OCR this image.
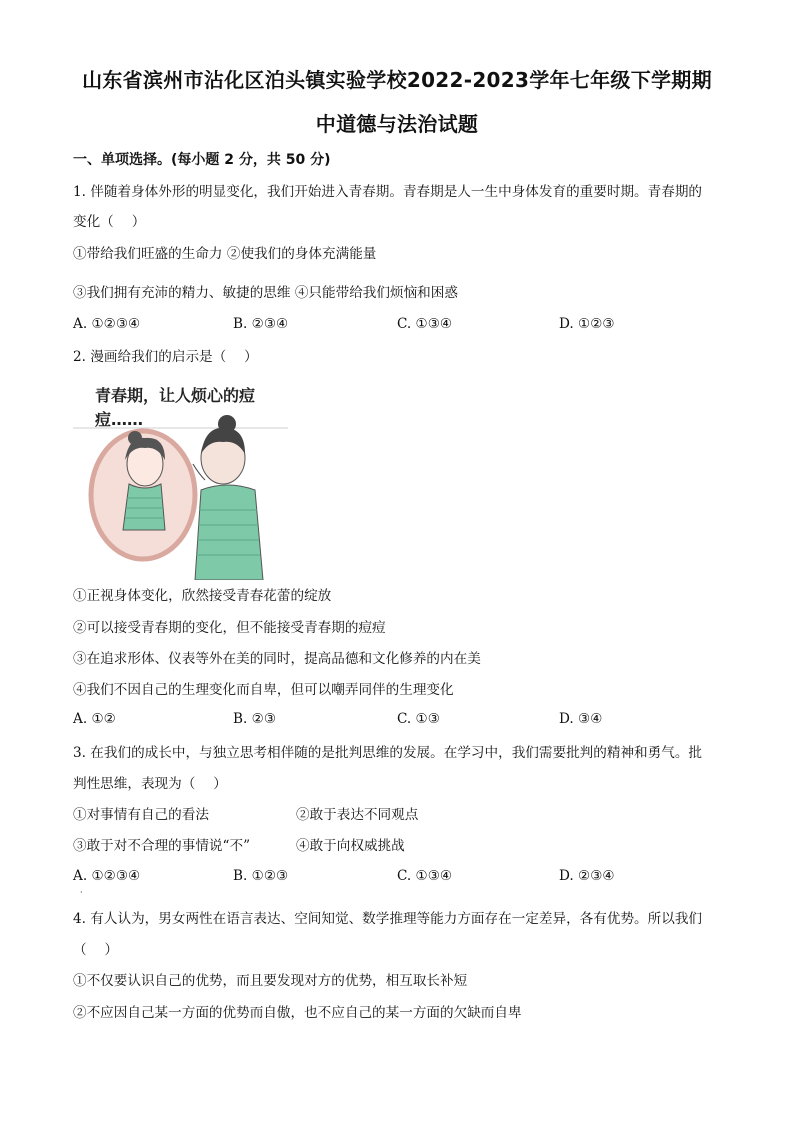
山东省滨州市沾化区泊头镇实验学校2022-2023学年七年级下学期期
中道德与法治试题
一、单项选择。(每小题 2 分，共 50 分)
1. 伴随着身体外形的明显变化，我们开始进入青春期。青春期是人一生中身体发育的重要时期。青春期的
变化（　 ）
①带给我们旺盛的生命力 ②使我们的身体充满能量
③我们拥有充沛的精力、敏捷的思维 ④只能带给我们烦恼和困惑
A. ①②③④	B. ②③④	C. ①③④	D. ①②③
2. 漫画给我们的启示是（　 ）
青春期，让人烦心的痘痘……
①正视身体变化，欣然接受青春花蕾的绽放
②可以接受青春期的变化，但不能接受青春期的痘痘
③在追求形体、仪表等外在美的同时，提高品德和文化修养的内在美
④我们不因自己的生理变化而自卑，但可以嘲弄同伴的生理变化
A. ①②	B. ②③	C. ①③	D. ③④
3. 在我们的成长中，与独立思考相伴随的是批判思维的发展。在学习中，我们需要批判的精神和勇气。批
判性思维，表现为（　 ）
①对事情有自己的看法	②敢于表达不同观点
③敢于对不合理的事情说“不”	④敢于向权威挑战
A. ①②③④	B. ①②③	C. ①③④	D. ②③④
·
4. 有人认为，男女两性在语言表达、空间知觉、数学推理等能力方面存在一定差异，各有优势。所以我们
（　 ）
①不仅要认识自己的优势，而且要发现对方的优势，相互取长补短
②不应因自己某一方面的优势而自傲，也不应自己的某一方面的欠缺而自卑
